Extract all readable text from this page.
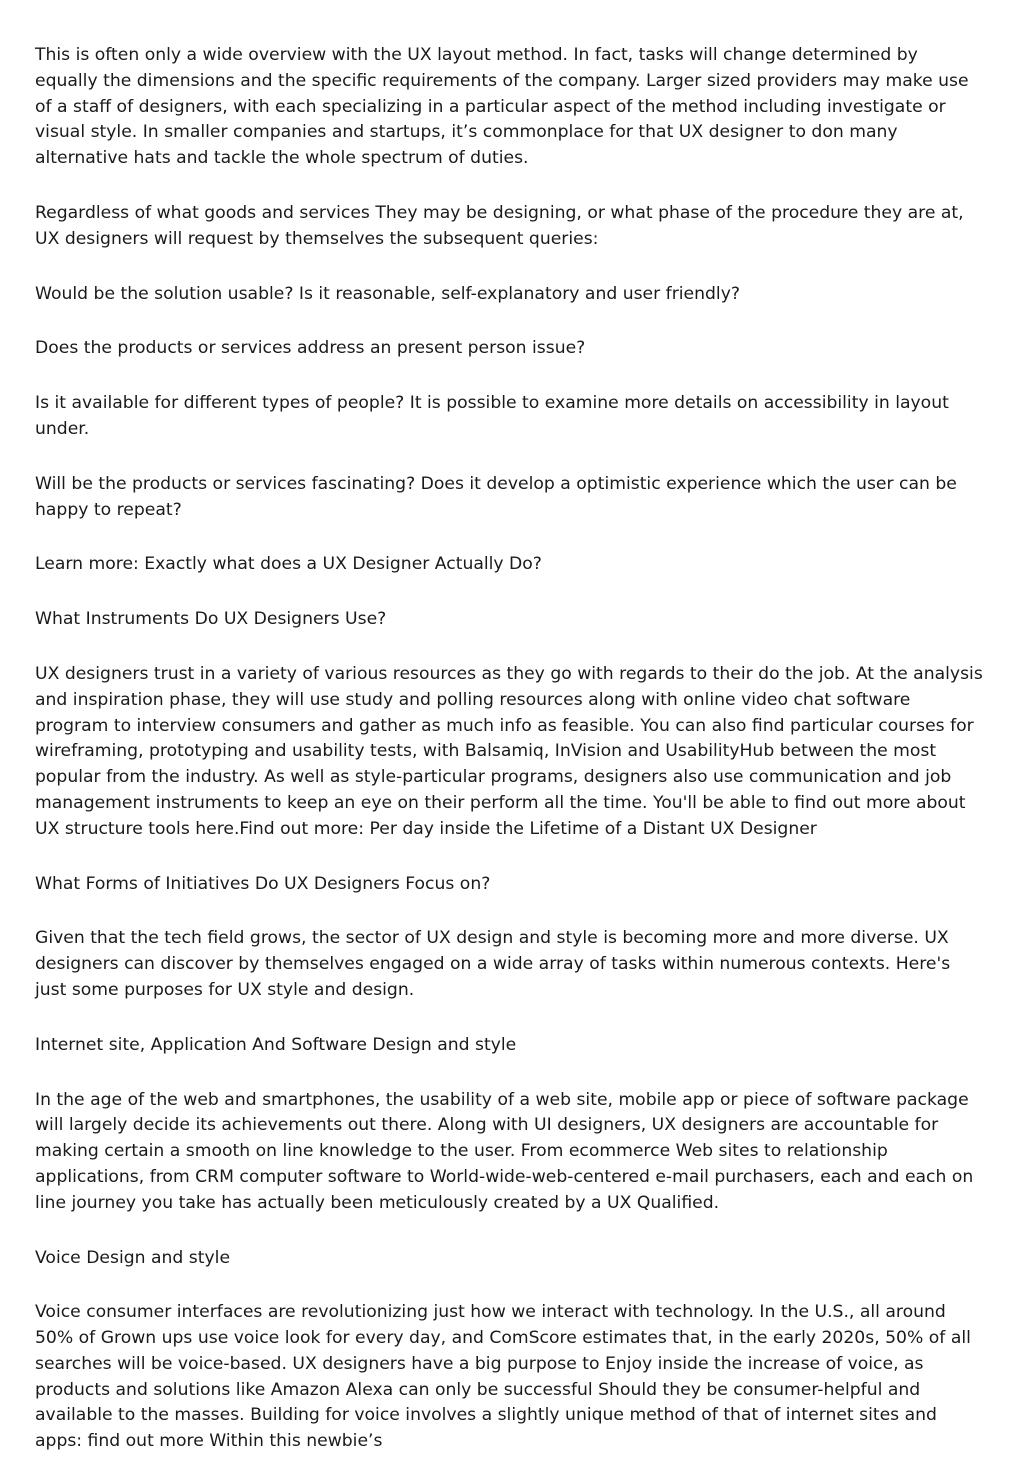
This is often only a wide overview with the UX layout method. In fact, tasks will change determined by equally the dimensions and the specific requirements of the company. Larger sized providers may make use of a staff of designers, with each specializing in a particular aspect of the method including investigate or visual style. In smaller companies and startups, it’s commonplace for that UX designer to don many alternative hats and tackle the whole spectrum of duties.

Regardless of what goods and services They may be designing, or what phase of the procedure they are at, UX designers will request by themselves the subsequent queries:

Would be the solution usable? Is it reasonable, self-explanatory and user friendly?

Does the products or services address an present person issue?

Is it available for different types of people? It is possible to examine more details on accessibility in layout under.

Will be the products or services fascinating? Does it develop a optimistic experience which the user can be happy to repeat?

Learn more: Exactly what does a UX Designer Actually Do?

What Instruments Do UX Designers Use?

UX designers trust in a variety of various resources as they go with regards to their do the job. At the analysis and inspiration phase, they will use study and polling resources along with online video chat software program to interview consumers and gather as much info as feasible. You can also find particular courses for wireframing, prototyping and usability tests, with Balsamiq, InVision and UsabilityHub between the most popular from the industry. As well as style-particular programs, designers also use communication and job management instruments to keep an eye on their perform all the time. You'll be able to find out more about UX structure tools here.Find out more: Per day inside the Lifetime of a Distant UX Designer

What Forms of Initiatives Do UX Designers Focus on?

Given that the tech field grows, the sector of UX design and style is becoming more and more diverse. UX designers can discover by themselves engaged on a wide array of tasks within numerous contexts. Here's just some purposes for UX style and design.

Internet site, Application And Software Design and style

In the age of the web and smartphones, the usability of a web site, mobile app or piece of software package will largely decide its achievements out there. Along with UI designers, UX designers are accountable for making certain a smooth on line knowledge to the user. From ecommerce Web sites to relationship applications, from CRM computer software to World-wide-web-centered e-mail purchasers, each and each on line journey you take has actually been meticulously created by a UX Qualified.

Voice Design and style

Voice consumer interfaces are revolutionizing just how we interact with technology. In the U.S., all around 50% of Grown ups use voice look for every day, and ComScore estimates that, in the early 2020s, 50% of all searches will be voice-based. UX designers have a big purpose to Enjoy inside the increase of voice, as products and solutions like Amazon Alexa can only be successful Should they be consumer-helpful and available to the masses. Building for voice involves a slightly unique method of that of internet sites and apps: find out more Within this newbie’s
